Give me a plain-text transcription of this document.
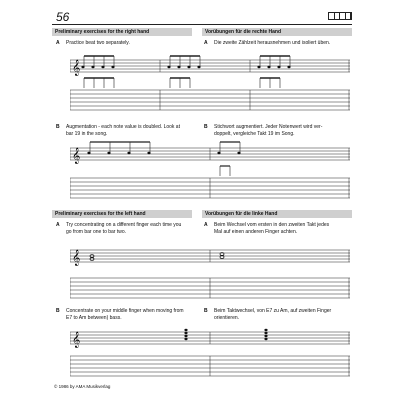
56
Preliminary exercises for the right hand	Vorübungen für die rechte Hand
A Practice beat two separately.	A Die zweite Zählzeit herausnehmen und isoliert üben.
𝄞
B Augmentation - each note value is doubled. Look at
bar 19 in the song.
B Stichwort augmentiert. Jeder Notenwert wird ver-
doppelt, vergleiche Takt 19 im Song.
𝄞
Preliminary exercises for the left hand	Vorübungen für die linke Hand
A Try concentrating on a different finger each time you
go from bar one to bar two.
A Beim Wechsel vom ersten in den zweiten Takt jedes
Mal auf einen anderen Finger achten.
𝄞
B Concentrate on your middle finger when moving from
E7 to Am between) bass.
B Beim Taktwechsel, von E7 zu Am, auf zweiten Finger
orientieren.
𝄞
© 1986 by AMA Musikverlag
